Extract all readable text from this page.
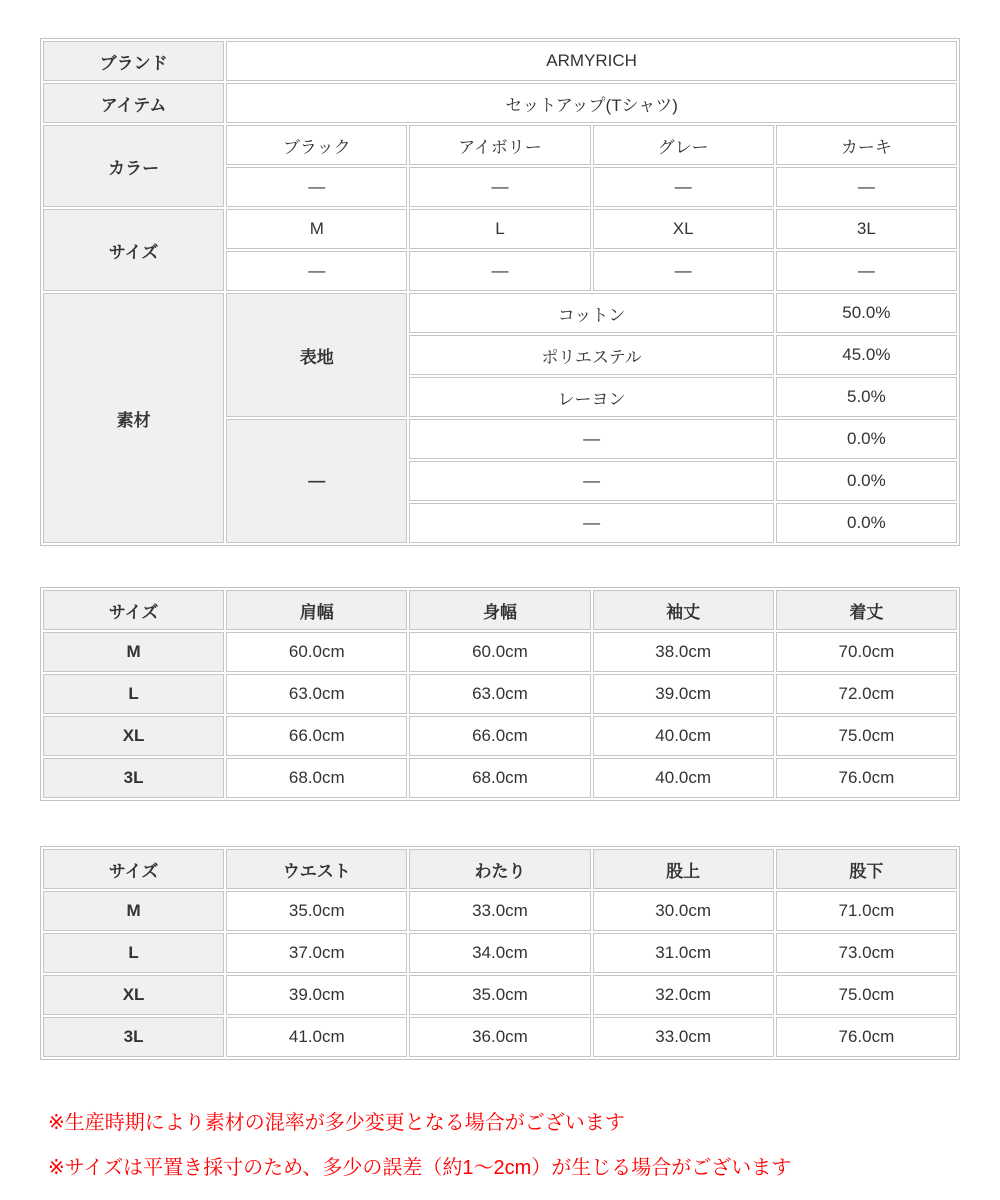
ブランド	ARMYRICH			
アイテム	セットアップ(Tシャツ)			
カラー	ブラック	アイボリー	グレー	カーキ
	—	—	—	—
サイズ	M	L	XL	3L
	—	—	—	—
素材	表地	コットン		50.0%
		ポリエステル		45.0%
		レーヨン		5.0%
	—	—		0.0%
		—		0.0%
		—		0.0%
サイズ	肩幅	身幅	袖丈	着丈
M	60.0cm	60.0cm	38.0cm	70.0cm
L	63.0cm	63.0cm	39.0cm	72.0cm
XL	66.0cm	66.0cm	40.0cm	75.0cm
3L	68.0cm	68.0cm	40.0cm	76.0cm
サイズ	ウエスト	わたり	股上	股下
M	35.0cm	33.0cm	30.0cm	71.0cm
L	37.0cm	34.0cm	31.0cm	73.0cm
XL	39.0cm	35.0cm	32.0cm	75.0cm
3L	41.0cm	36.0cm	33.0cm	76.0cm

※生産時期により素材の混率が多少変更となる場合がございます

※サイズは平置き採寸のため、多少の誤差（約1～2cm）が生じる場合がございます
